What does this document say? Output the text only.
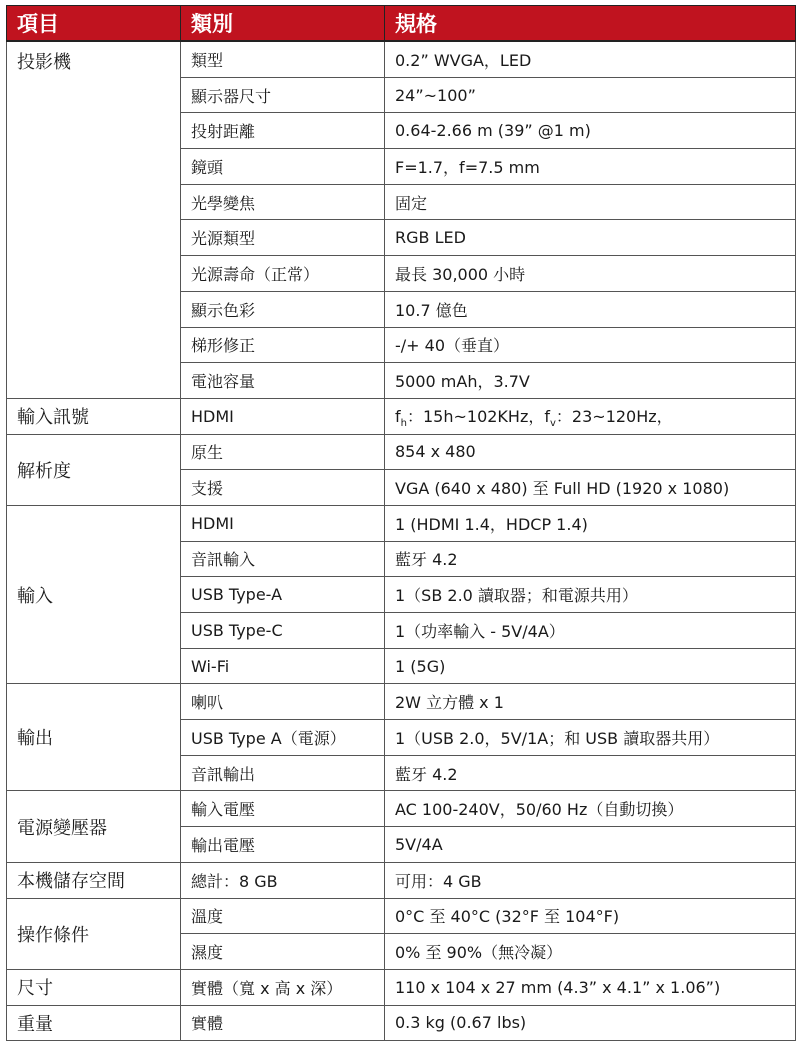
項目	類別	規格
投影機	類型	0.2” WVGA，LED
	顯示器尺寸	24”~100”
	投射距離	0.64-2.66 m (39” @1 m)
	鏡頭	F=1.7，f=7.5 mm
	光學變焦	固定
	光源類型	RGB LED
	光源壽命（正常）	最長 30,000 小時
	顯示色彩	10.7 億色
	梯形修正	-/+ 40（垂直）
	電池容量	5000 mAh，3.7V
輸入訊號	HDMI	$f_h$：15h~102KHz，$f_v$：23~120Hz，
解析度	原生	854 x 480
	支援	VGA (640 x 480) 至 Full HD (1920 x 1080)
輸入	HDMI	1 (HDMI 1.4，HDCP 1.4)
	音訊輸入	藍牙 4.2
	USB Type-A	1（SB 2.0 讀取器；和電源共用）
	USB Type-C	1（功率輸入 - 5V/4A）
	Wi-Fi	1 (5G)
輸出	喇叭	2W 立方體 x 1
	USB Type A（電源）	1（USB 2.0，5V/1A；和 USB 讀取器共用）
	音訊輸出	藍牙 4.2
電源變壓器	輸入電壓	AC 100-240V，50/60 Hz（自動切換）
	輸出電壓	5V/4A
本機儲存空間	總計：8 GB	可用：4 GB
操作條件	溫度	0°C 至 40°C (32°F 至 104°F)
	濕度	0% 至 90%（無冷凝）
尺寸	實體（寬 x 高 x 深）	110 x 104 x 27 mm (4.3” x 4.1” x 1.06”)
重量	實體	0.3 kg (0.67 lbs)
